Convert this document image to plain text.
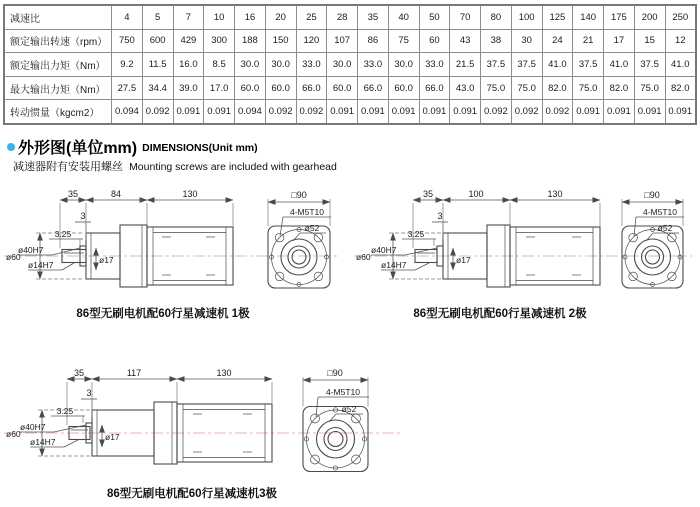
减速比	4	5	7	10	16	20	25	28	35	40	50	70	80	100	125	140	175	200	250
额定输出转速（rpm）	750	600	429	300	188	150	120	107	86	75	60	43	38	30	24	21	17	15	12
额定输出力矩（Nm）	9.2	11.5	16.0	8.5	30.0	30.0	33.0	30.0	33.0	30.0	33.0	21.5	37.5	37.5	41.0	37.5	41.0	37.5	41.0
最大输出力矩（Nm）	27.5	34.4	39.0	17.0	60.0	60.0	66.0	60.0	66.0	60.0	66.0	43.0	75.0	75.0	82.0	75.0	82.0	75.0	82.0
转动惯量（kgcm2）	0.094	0.092	0.091	0.091	0.094	0.092	0.092	0.091	0.091	0.091	0.091	0.091	0.092	0.092	0.092	0.091	0.091	0.091	0.091
外形图(单位mm) DIMENSIONS(Unit mm)
减速器附有安装用螺丝 Mounting screws are included with gearhead
35	84	130
3
3.25
ø60
ø40H7
ø14H7	ø17
□90
4-M5T10
ø52
86型无刷电机配60行星减速机 1极
35	100	130
3
3.25
ø60
ø40H7
ø14H7	ø17
□90
4-M5T10
ø52
86型无刷电机配60行星减速机 2极
35	117	130
3
3.25
ø60
ø40H7
ø14H7	ø17
□90
4-M5T10
ø52
86型无刷电机配60行星减速机3极
